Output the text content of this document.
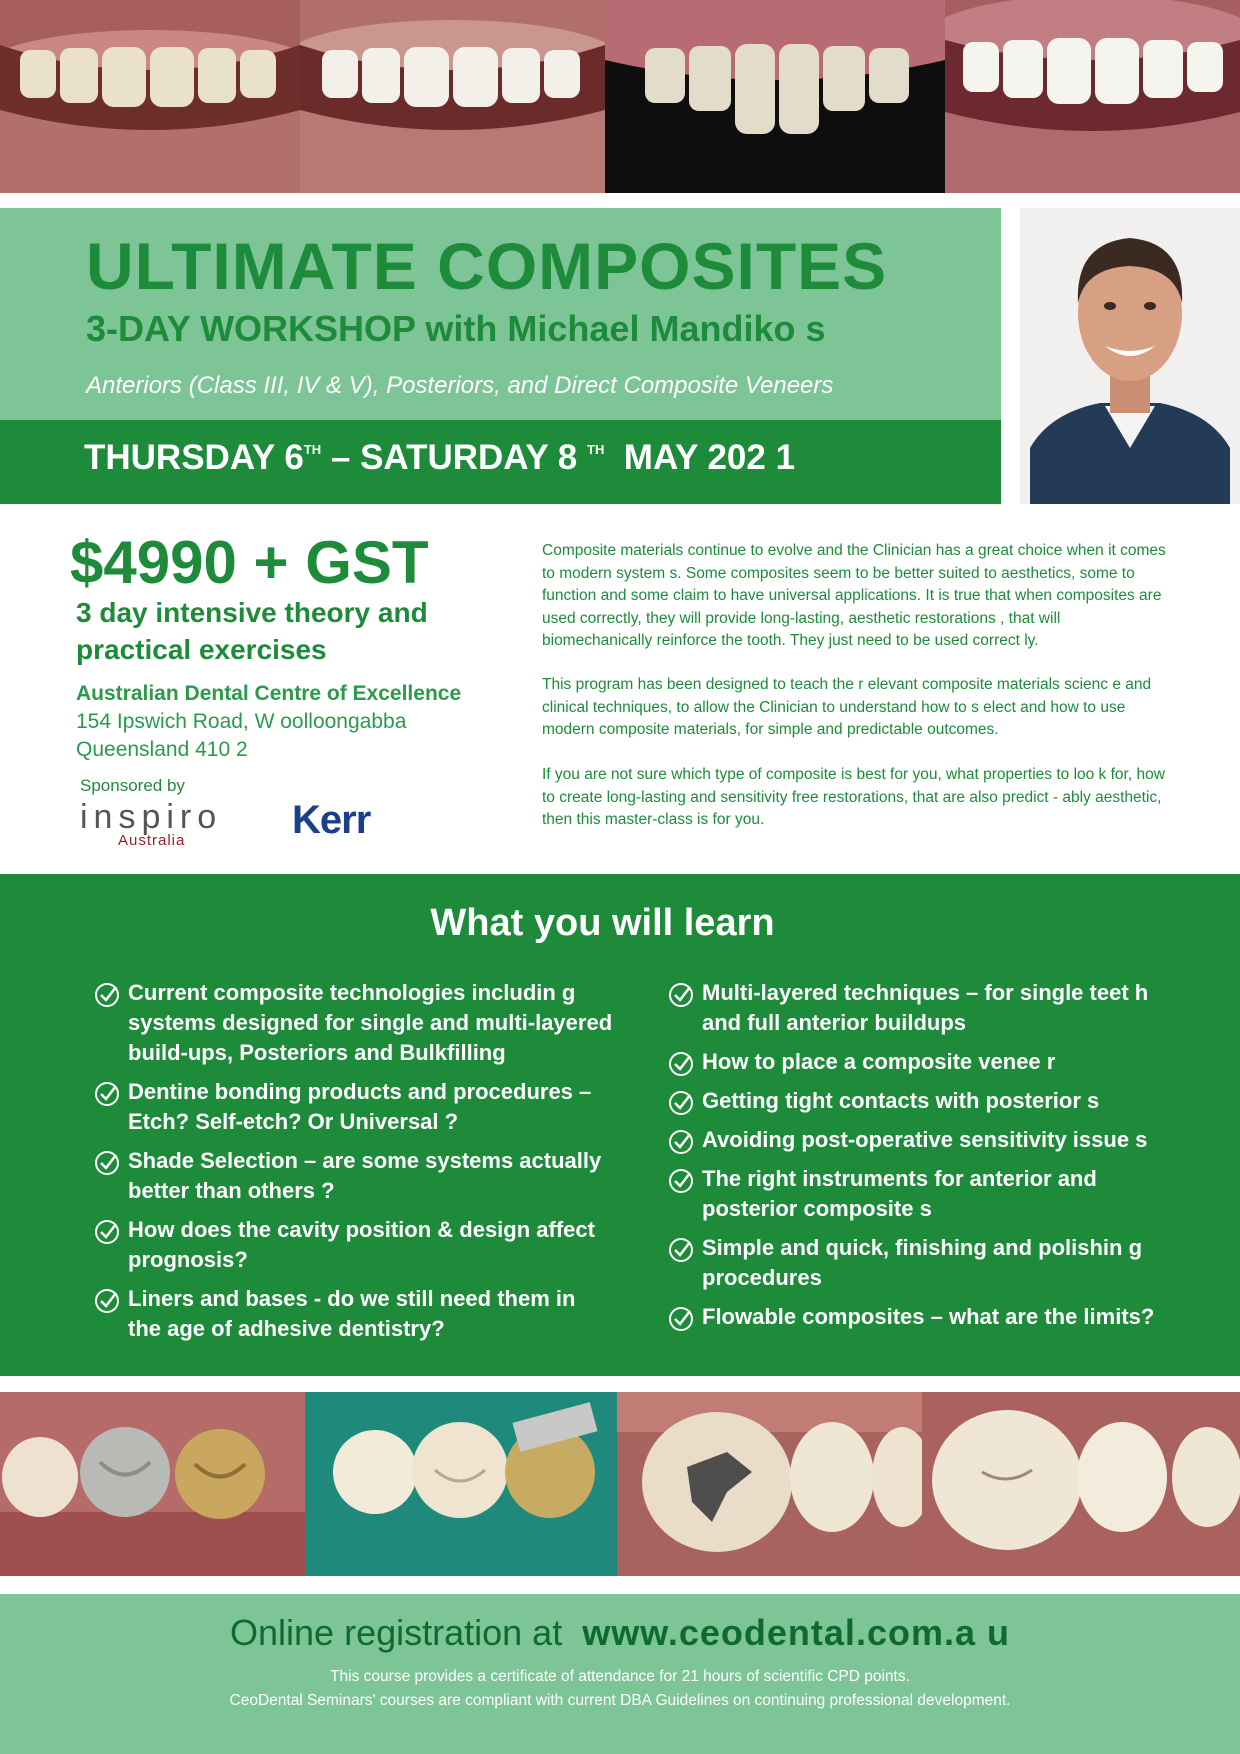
ULTIMATE COMPOSITES
3-DAY WORKSHOP with Michael Mandiko s

Anteriors (Class III, IV & V), Posteriors, and Direct Composite Veneers

THURSDAY 6TH – SATURDAY 8 $^{TH}$ MAY 202 1

$4990 + GST

3 day intensive theory and practical exercises

Australian Dental Centre of Excellence

154 Ipswich Road, W oolloongabba

Queensland 410 2

Sponsored by

inspiro
Australia	Kerr

Composite materials continue to evolve and the Clinician has a great choice when it comes to modern system s. Some composites seem to be better suited to aesthetics, some to function and some claim to have universal applications. It is true that when composites are used correctly, they will provide long-lasting, aesthetic restorations , that will biomechanically reinforce the tooth. They just need to be used correct ly.

This program has been designed to teach the r elevant composite materials scienc e and clinical techniques, to allow the Clinician to understand how to s elect and how to use modern composite materials, for simple and predictable outcomes.

If you are not sure which type of composite is best for you, what properties to loo k for, how to create long-lasting and sensitivity free restorations, that are also predict - ably aesthetic, then this master-class is for you.

What you will learn

Current composite technologies includin g systems designed for single and multi-layered build-ups, Posteriors and Bulkfilling

Dentine bonding products and procedures – Etch? Self-etch? Or Universal ?

Shade Selection – are some systems actually better than others ?

How does the cavity position & design affect prognosis?

Liners and bases - do we still need them in the age of adhesive dentistry?

Multi-layered techniques – for single teet h and full anterior buildups

How to place a composite venee r

Getting tight contacts with posterior s

Avoiding post-operative sensitivity issue s

The right instruments for anterior and posterior composite s

Simple and quick, finishing and polishin g procedures

Flowable composites – what are the limits?

Online registration at www.ceodental.com.a u

This course provides a certificate of attendance for 21 hours of scientific CPD points.

CeoDental Seminars' courses are compliant with current DBA Guidelines on continuing professional development.
